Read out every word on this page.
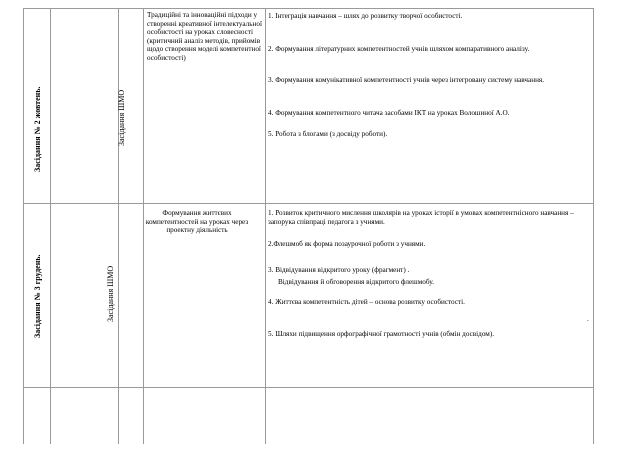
Засідання № 2 жовтень.	Засідання ШМО
Традиційні та інноваційні підходи у створенні креативної інтелектуальної особистості на уроках словесності (критичний аналіз методів, прийомів щодо створення моделі компетентної особистості)
1. Інтеграція навчання – шлях до розвитку творчої особистості.
2. Формування літературних компетентностей учнів шляхом компаративного аналізу.
3. Формування комунікативної компетентності учнів через інтегровану систему навчання.
4. Формування компетентного читача засобами ІКТ на уроках Волошиної А.О.
5. Робота з блогами (з досвіду роботи).
Засідання № 3 грудень.	Засідання ШМО
Формування життєвих компетентностей на уроках через проектну діяльність
1. Розвиток критичного мислення школярів на уроках історії в умовах компетентнісного навчання – запорука співпраці педагога з учнями.
2.Флешмоб як форма позаурочної роботи з учнями.
3. Відвідування відкритого уроку (фрагмент) .
Відвідування й обговорення відкритого флешмобу.
4. Життєва компетентність дітей – основа розвитку особистості.
5. Шляхи підвищення орфографічної грамотності учнів (обмін досвідом).
.
